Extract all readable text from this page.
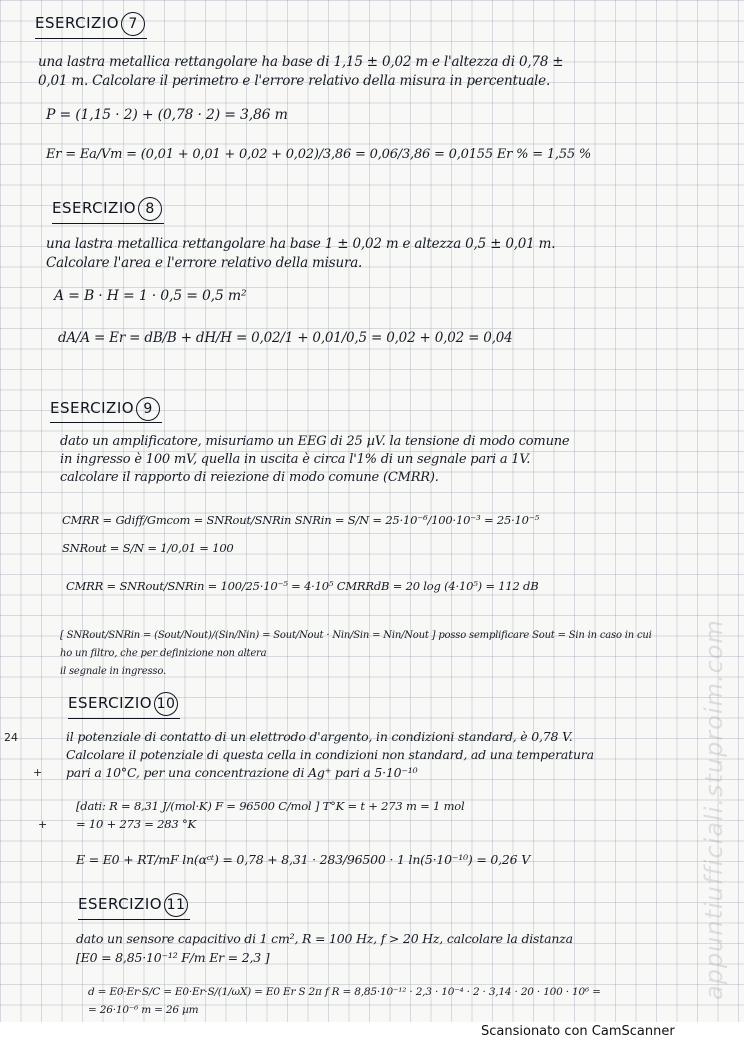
ESERCIZIO 7
una lastra metallica rettangolare ha base di 1,15 ± 0,02 m e l'altezza di 0,78 ±
0,01 m. Calcolare il perimetro e l'errore relativo della misura in percentuale.
P = (1,15 · 2) + (0,78 · 2) = 3,86 m
Er = Ea/Vm = (0,01 + 0,01 + 0,02 + 0,02)/3,86 = 0,06/3,86 = 0,0155 Er % = 1,55 %
ESERCIZIO 8
una lastra metallica rettangolare ha base 1 ± 0,02 m e altezza 0,5 ± 0,01 m.
Calcolare l'area e l'errore relativo della misura.
A = B · H = 1 · 0,5 = 0,5 m²
dA/A = Er = dB/B + dH/H = 0,02/1 + 0,01/0,5 = 0,02 + 0,02 = 0,04
ESERCIZIO 9
dato un amplificatore, misuriamo un EEG di 25 µV. la tensione di modo comune
in ingresso è 100 mV, quella in uscita è circa l'1% di un segnale pari a 1V.
calcolare il rapporto di reiezione di modo comune (CMRR).
CMRR = Gdiff/Gmcom = SNRout/SNRin SNRin = S/N = 25·10⁻⁶/100·10⁻³ = 25·10⁻⁵
SNRout = S/N = 1/0,01 = 100
CMRR = SNRout/SNRin = 100/25·10⁻⁵ = 4·10⁵ CMRRdB = 20 log (4·10⁵) = 112 dB
[ SNRout/SNRin = (Sout/Nout)/(Sin/Nin) = Sout/Nout · Nin/Sin = Nin/Nout ] posso semplificare Sout = Sin in caso in cui
ho un filtro, che per definizione non altera
il segnale in ingresso.
ESERCIZIO 10
il potenziale di contatto di un elettrodo d'argento, in condizioni standard, è 0,78 V.
Calcolare il potenziale di questa cella in condizioni non standard, ad una temperatura
pari a 10°C, per una concentrazione di Ag⁺ pari a 5·10⁻¹⁰
[dati: R = 8,31 J/(mol·K) F = 96500 C/mol ] T°K = t + 273 m = 1 mol
= 10 + 273 = 283 °K
E = E0 + RT/mF ln(αᶜᵗ) = 0,78 + 8,31 · 283/96500 · 1 ln(5·10⁻¹⁰) = 0,26 V
ESERCIZIO 11
dato un sensore capacitivo di 1 cm², R = 100 Hz, f > 20 Hz, calcolare la distanza
[E0 = 8,85·10⁻¹² F/m Er = 2,3 ]
d = E0·Er·S/C = E0·Er·S/(1/ωX) = E0 Er S 2π f R = 8,85·10⁻¹² · 2,3 · 10⁻⁴ · 2 · 3,14 · 20 · 100 · 10⁶ =
= 26·10⁻⁶ m = 26 µm
24
+
+	appuntiufficiali.stuproim.com
Scansionato con CamScanner
